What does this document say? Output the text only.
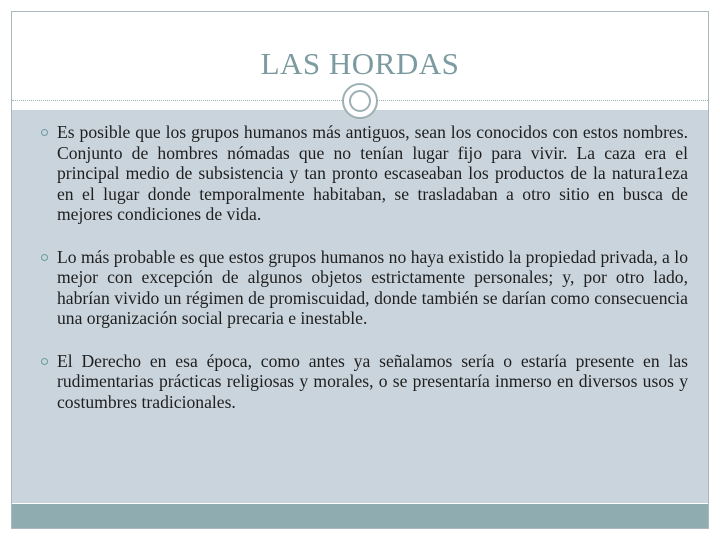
LAS HORDAS
Es posible que los grupos humanos más antiguos, sean los conocidos con estos nombres. Conjunto de hombres nómadas que no tenían lugar fijo para vivir. La caza era el principal medio de subsistencia y tan pronto escaseaban los productos de la natura1eza en el lugar donde temporalmente habitaban, se trasladaban a otro sitio en busca de mejores condiciones de vida.
Lo más probable es que estos grupos humanos no haya existido la propiedad privada, a lo mejor con excepción de algunos objetos estrictamente personales; y, por otro lado, habrían vivido un régimen de promiscuidad, donde también se darían como consecuencia una organización social precaria e inestable.
El Derecho en esa época, como antes ya señalamos sería o estaría presente en las rudimentarias prácticas religiosas y morales, o se presentaría inmerso en diversos usos y costumbres tradicionales.
